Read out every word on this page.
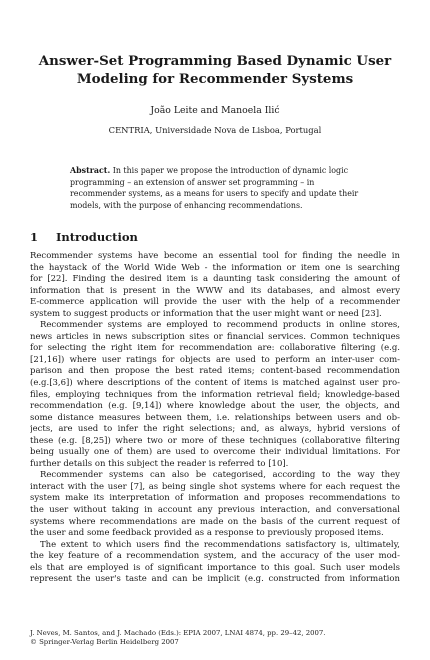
Answer-Set Programming Based Dynamic User
Modeling for Recommender Systems

João Leite and Manoela Ilić

CENTRIA, Universidade Nova de Lisboa, Portugal

Abstract. In this paper we propose the introduction of dynamic logic programming – an extension of answer set programming – in recommender systems, as a means for users to specify and update their models, with the purpose of enhancing recommendations.

1 Introduction
Recommender systems have become an essential tool for finding the needle in
the haystack of the World Wide Web - the information or item one is searching
for [22]. Finding the desired item is a daunting task considering the amount of
information that is present in the WWW and its databases, and almost every
E-commerce application will provide the user with the help of a recommender
system to suggest products or information that the user might want or need [23].
Recommender systems are employed to recommend products in online stores,
news articles in news subscription sites or financial services. Common techniques
for selecting the right item for recommendation are: collaborative filtering (e.g.
[21,16]) where user ratings for objects are used to perform an inter-user com-
parison and then propose the best rated items; content-based recommendation
(e.g.[3,6]) where descriptions of the content of items is matched against user pro-
files, employing techniques from the information retrieval field; knowledge-based
recommendation (e.g. [9,14]) where knowledge about the user, the objects, and
some distance measures between them, i.e. relationships between users and ob-
jects, are used to infer the right selections; and, as always, hybrid versions of
these (e.g. [8,25]) where two or more of these techniques (collaborative filtering
being usually one of them) are used to overcome their individual limitations. For
further details on this subject the reader is referred to [10].
Recommender systems can also be categorised, according to the way they
interact with the user [7], as being single shot systems where for each request the
system make its interpretation of information and proposes recommendations to
the user without taking in account any previous interaction, and conversational
systems where recommendations are made on the basis of the current request of
the user and some feedback provided as a response to previously proposed items.
The extent to which users find the recommendations satisfactory is, ultimately,
the key feature of a recommendation system, and the accuracy of the user mod-
els that are employed is of significant importance to this goal. Such user models
represent the user's taste and can be implicit (e.g. constructed from information

J. Neves, M. Santos, and J. Machado (Eds.): EPIA 2007, LNAI 4874, pp. 29–42, 2007.
© Springer-Verlag Berlin Heidelberg 2007
